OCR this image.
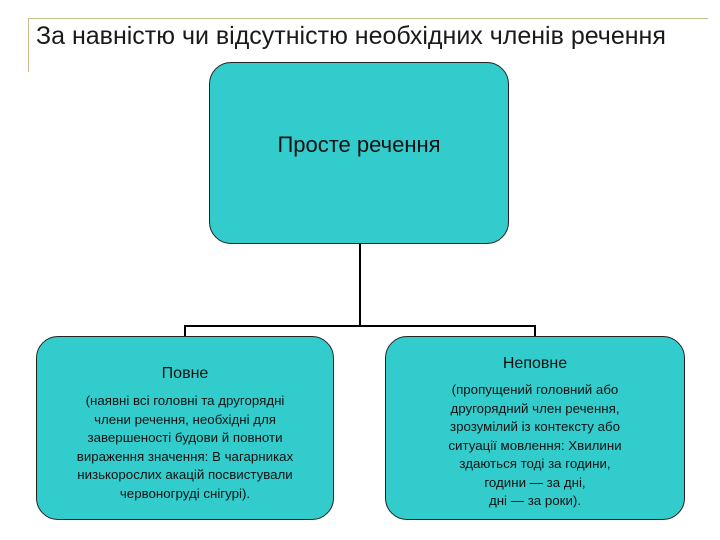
За навністю чи відсутністю необхідних членів речення
Просте речення

Повне

(наявні всі головні та другорядні
члени речення, необхідні для
завершеності будови й повноти
вираження значення: В чагарниках
низькорослих акацій посвистували
червоногруді снігурі).

Неповне

(пропущений головний або
другорядний член речення,
зрозумілий із контексту або
ситуації мовлення: Хвилини
здаються тоді за години,
години — за дні,
дні — за роки).
